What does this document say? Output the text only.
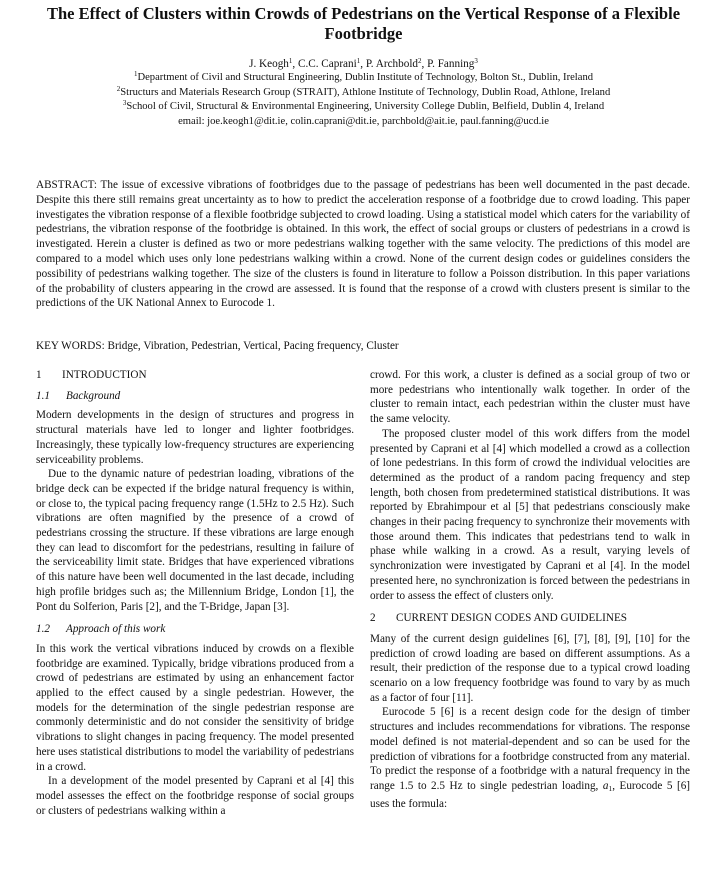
The Effect of Clusters within Crowds of Pedestrians on the Vertical Response of a Flexible Footbridge
J. Keogh$^1$, C.C. Caprani$^1$, P. Archbold$^2$, P. Fanning$^3$
$^1$Department of Civil and Structural Engineering, Dublin Institute of Technology, Bolton St., Dublin, Ireland
$^2$Structurs and Materials Research Group (STRAIT), Athlone Institute of Technology, Dublin Road, Athlone, Ireland
$^3$School of Civil, Structural & Environmental Engineering, University College Dublin, Belfield, Dublin 4, Ireland
email: joe.keogh1@dit.ie, colin.caprani@dit.ie, parchbold@ait.ie, paul.fanning@ucd.ie
ABSTRACT: The issue of excessive vibrations of footbridges due to the passage of pedestrians has been well documented in the past decade. Despite this there still remains great uncertainty as to how to predict the acceleration response of a footbridge due to crowd loading. This paper investigates the vibration response of a flexible footbridge subjected to crowd loading. Using a statistical model which caters for the variability of pedestrians, the vibration response of the footbridge is obtained. In this work, the effect of social groups or clusters of pedestrians in a crowd is investigated. Herein a cluster is defined as two or more pedestrians walking together with the same velocity. The predictions of this model are compared to a model which uses only lone pedestrians walking within a crowd. None of the current design codes or guidelines considers the possibility of pedestrians walking together. The size of the clusters is found in literature to follow a Poisson distribution. In this paper variations of the probability of clusters appearing in the crowd are assessed. It is found that the response of a crowd with clusters present is similar to the predictions of the UK National Annex to Eurocode 1.
KEY WORDS: Bridge, Vibration, Pedestrian, Vertical, Pacing frequency, Cluster
1 INTRODUCTION
1.1 Background

Modern developments in the design of structures and progress in structural materials have led to longer and lighter footbridges. Increasingly, these typically low-frequency structures are experiencing serviceability problems.

Due to the dynamic nature of pedestrian loading, vibrations of the bridge deck can be expected if the bridge natural frequency is within, or close to, the typical pacing frequency range (1.5Hz to 2.5 Hz). Such vibrations are often magnified by the presence of a crowd of pedestrians crossing the structure. If these vibrations are large enough they can lead to discomfort for the pedestrians, resulting in failure of the serviceability limit state. Bridges that have experienced vibrations of this nature have been well documented in the last decade, including high profile bridges such as; the Millennium Bridge, London [1], the Pont du Solferion, Paris [2], and the T-Bridge, Japan [3].

1.2 Approach of this work

In this work the vertical vibrations induced by crowds on a flexible footbridge are examined. Typically, bridge vibrations produced from a crowd of pedestrians are estimated by using an enhancement factor applied to the effect caused by a single pedestrian. However, the models for the determination of the single pedestrian response are commonly deterministic and do not consider the sensitivity of bridge vibrations to slight changes in pacing frequency. The model presented here uses statistical distributions to model the variability of pedestrians in a crowd.

In a development of the model presented by Caprani et al [4] this model assesses the effect on the footbridge response of social groups or clusters of pedestrians walking within a

crowd. For this work, a cluster is defined as a social group of two or more pedestrians who intentionally walk together. In order of the cluster to remain intact, each pedestrian within the cluster must have the same velocity.

The proposed cluster model of this work differs from the model presented by Caprani et al [4] which modelled a crowd as a collection of lone pedestrians. In this form of crowd the individual velocities are determined as the product of a random pacing frequency and step length, both chosen from predetermined statistical distributions. It was reported by Ebrahimpour et al [5] that pedestrians consciously make changes in their pacing frequency to synchronize their movements with those around them. This indicates that pedestrians tend to walk in phase while walking in a crowd. As a result, varying levels of synchronization were investigated by Caprani et al [4]. In the model presented here, no synchronization is forced between the pedestrians in order to assess the effect of clusters only.

2 CURRENT DESIGN CODES AND GUIDELINES

Many of the current design guidelines [6], [7], [8], [9], [10] for the prediction of crowd loading are based on different assumptions. As a result, their prediction of the response due to a typical crowd loading scenario on a low frequency footbridge was found to vary by as much as a factor of four [11].

Eurocode 5 [6] is a recent design code for the design of timber structures and includes recommendations for vibrations. The response model defined is not material-dependent and so can be used for the prediction of vibrations for a footbridge constructed from any material. To predict the response of a footbridge with a natural frequency in the range 1.5 to 2.5 Hz to single pedestrian loading, $a_1$, Eurocode 5 [6] uses the formula:
